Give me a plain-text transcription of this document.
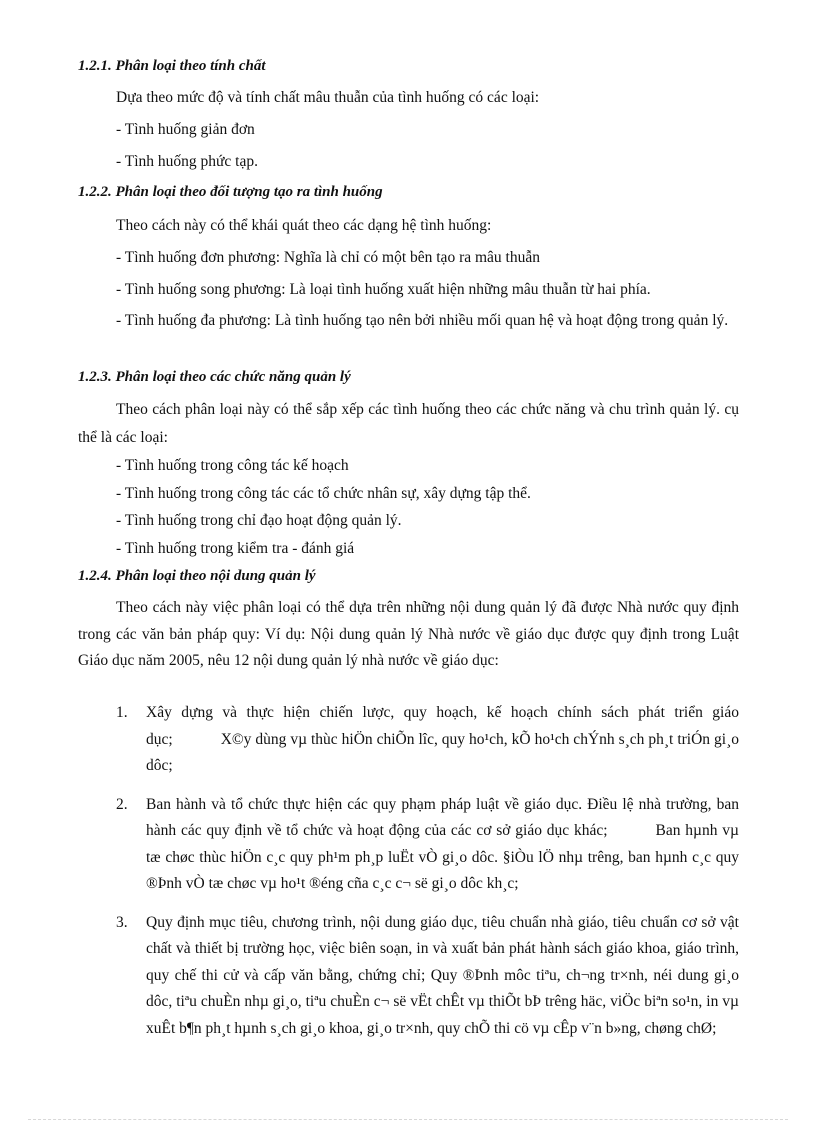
1.2.1. Phân loại theo tính chất
Dựa theo mức độ và tính chất mâu thuẫn của tình huống có các loại:
- Tình huống giản đơn
- Tình huống phức tạp.
1.2.2. Phân loại theo đối tượng tạo ra tình huống
Theo cách này có thể khái quát theo các dạng hệ tình huống:
- Tình huống đơn phương: Nghĩa là chỉ có một bên tạo ra mâu thuẫn
- Tình huống song phương: Là loại tình huống xuất hiện những mâu thuẫn từ hai phía.
- Tình huống đa phương: Là tình huống tạo nên bởi nhiều mối quan hệ và hoạt động trong quản lý.
1.2.3. Phân loại theo các chức năng quản lý
Theo cách phân loại này có thể sắp xếp các tình huống theo các chức năng và chu trình quản lý. cụ thể là các loại:
- Tình huống trong công tác kế hoạch
- Tình huống trong công tác các tổ chức nhân sự, xây dựng tập thể.
- Tình huống trong chỉ đạo hoạt động quản lý.
- Tình huống trong kiểm tra - đánh giá
1.2.4. Phân loại theo nội dung quản lý
Theo cách này việc phân loại có thể dựa trên những nội dung quản lý đã được Nhà nước quy định trong các văn bản pháp quy: Ví dụ: Nội dung quản lý Nhà nước về giáo dục được quy định trong Luật Giáo dục năm 2005, nêu 12 nội dung quản lý nhà nước về giáo dục:
1. Xây dựng và thực hiện chiến lược, quy hoạch, kế hoạch chính sách phát triển giáo dục;	X©y dùng vµ thùc hiÖn chiÕn lîc, quy ho¹ch, kÕ ho¹ch chÝnh s¸ch ph¸t triÓn gi¸o dôc;
2. Ban hành và tổ chức thực hiện các quy phạm pháp luật về giáo dục. Điều lệ nhà trường, ban hành các quy định về tổ chức và hoạt động của các cơ sở giáo dục khác;	Ban hµnh vµ tæ chøc thùc hiÖn c¸c quy ph¹m ph¸p luËt vÒ gi¸o dôc. §iÒu lÖ nhµ trêng, ban hµnh c¸c quy ®Þnh vÒ tæ chøc vµ ho¹t ®éng cña c¸c c¬ së gi¸o dôc kh¸c;
3. Quy định mục tiêu, chương trình, nội dung giáo dục, tiêu chuẩn nhà giáo, tiêu chuẩn cơ sở vật chất và thiết bị trường học, việc biên soạn, in và xuất bản phát hành sách giáo khoa, giáo trình, quy chế thi cử và cấp văn bằng, chứng chỉ; Quy ®Þnh môc tiªu, ch¬ng tr×nh, néi dung gi¸o dôc, tiªu chuÈn nhµ gi¸o, tiªu chuÈn c¬ së vËt chÊt vµ thiÕt bÞ trêng häc, viÖc biªn so¹n, in vµ xuÊt b¶n ph¸t hµnh s¸ch gi¸o khoa, gi¸o tr×nh, quy chÕ thi cö vµ cÊp v¨n b»ng, chøng chØ;
